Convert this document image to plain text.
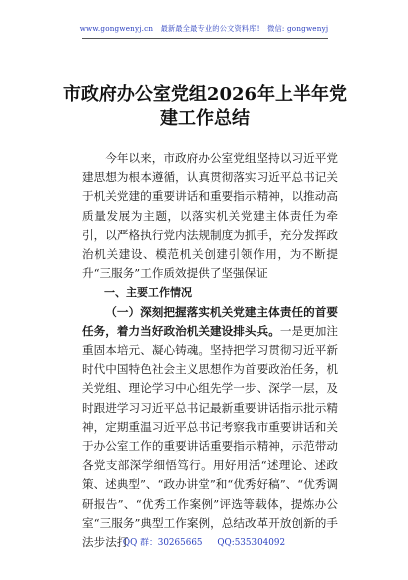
www.gongwenyj.cn　最新最全最专业的公文资料库!　微信: gongwenyj
市政府办公室党组2026年上半年党建工作总结

今年以来，市政府办公室党组坚持以习近平党建思想为根本遵循，认真贯彻落实习近平总书记关于机关党建的重要讲话和重要指示精神，以推动高质量发展为主题，以落实机关党建主体责任为牵引，以严格执行党内法规制度为抓手，充分发挥政治机关建设、模范机关创建引领作用，为不断提升“三服务”工作质效提供了坚强保证

一、主要工作情况

（一）深刻把握落实机关党建主体责任的首要任务，着力当好政治机关建设排头兵。一是更加注重固本培元、凝心铸魂。坚持把学习贯彻习近平新时代中国特色社会主义思想作为首要政治任务，机关党组、理论学习中心组先学一步、深学一层，及时跟进学习习近平总书记最新重要讲话指示批示精神，定期重温习近平总书记考察我市重要讲话和关于办公室工作的重要讲话重要指示精神，示范带动各党支部深学细悟笃行。用好用活“述理论、述政策、述典型”、“政办讲堂”和“优秀好稿”、“优秀调研报告”、“优秀工作案例”评选等载体，提炼办公室“三服务”典型工作案例，总结改革开放创新的手法步法打

QQ 群：30265665 QQ:535304092
